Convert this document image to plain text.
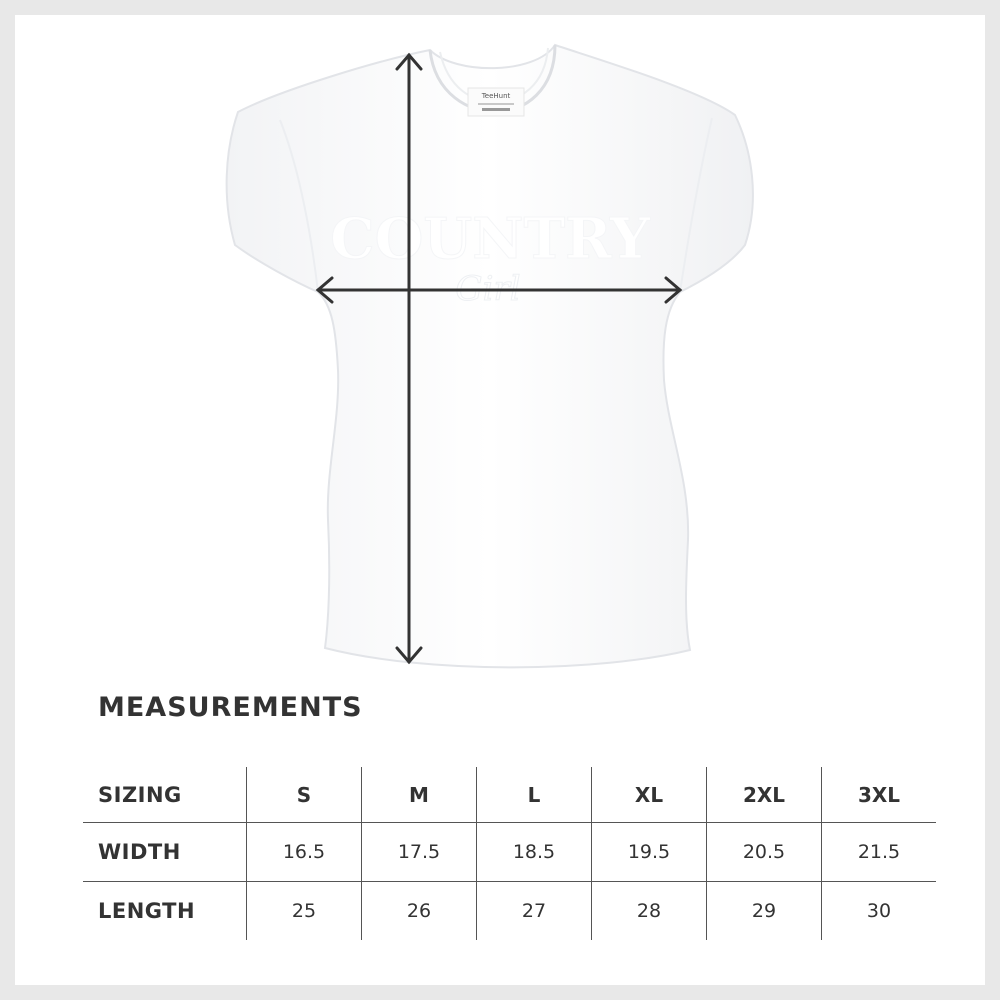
TeeHunt
COUNTRY
Girl
MEASUREMENTS
SIZING	S	M	L	XL	2XL	3XL
WIDTH	16.5	17.5	18.5	19.5	20.5	21.5
LENGTH	25	26	27	28	29	30
